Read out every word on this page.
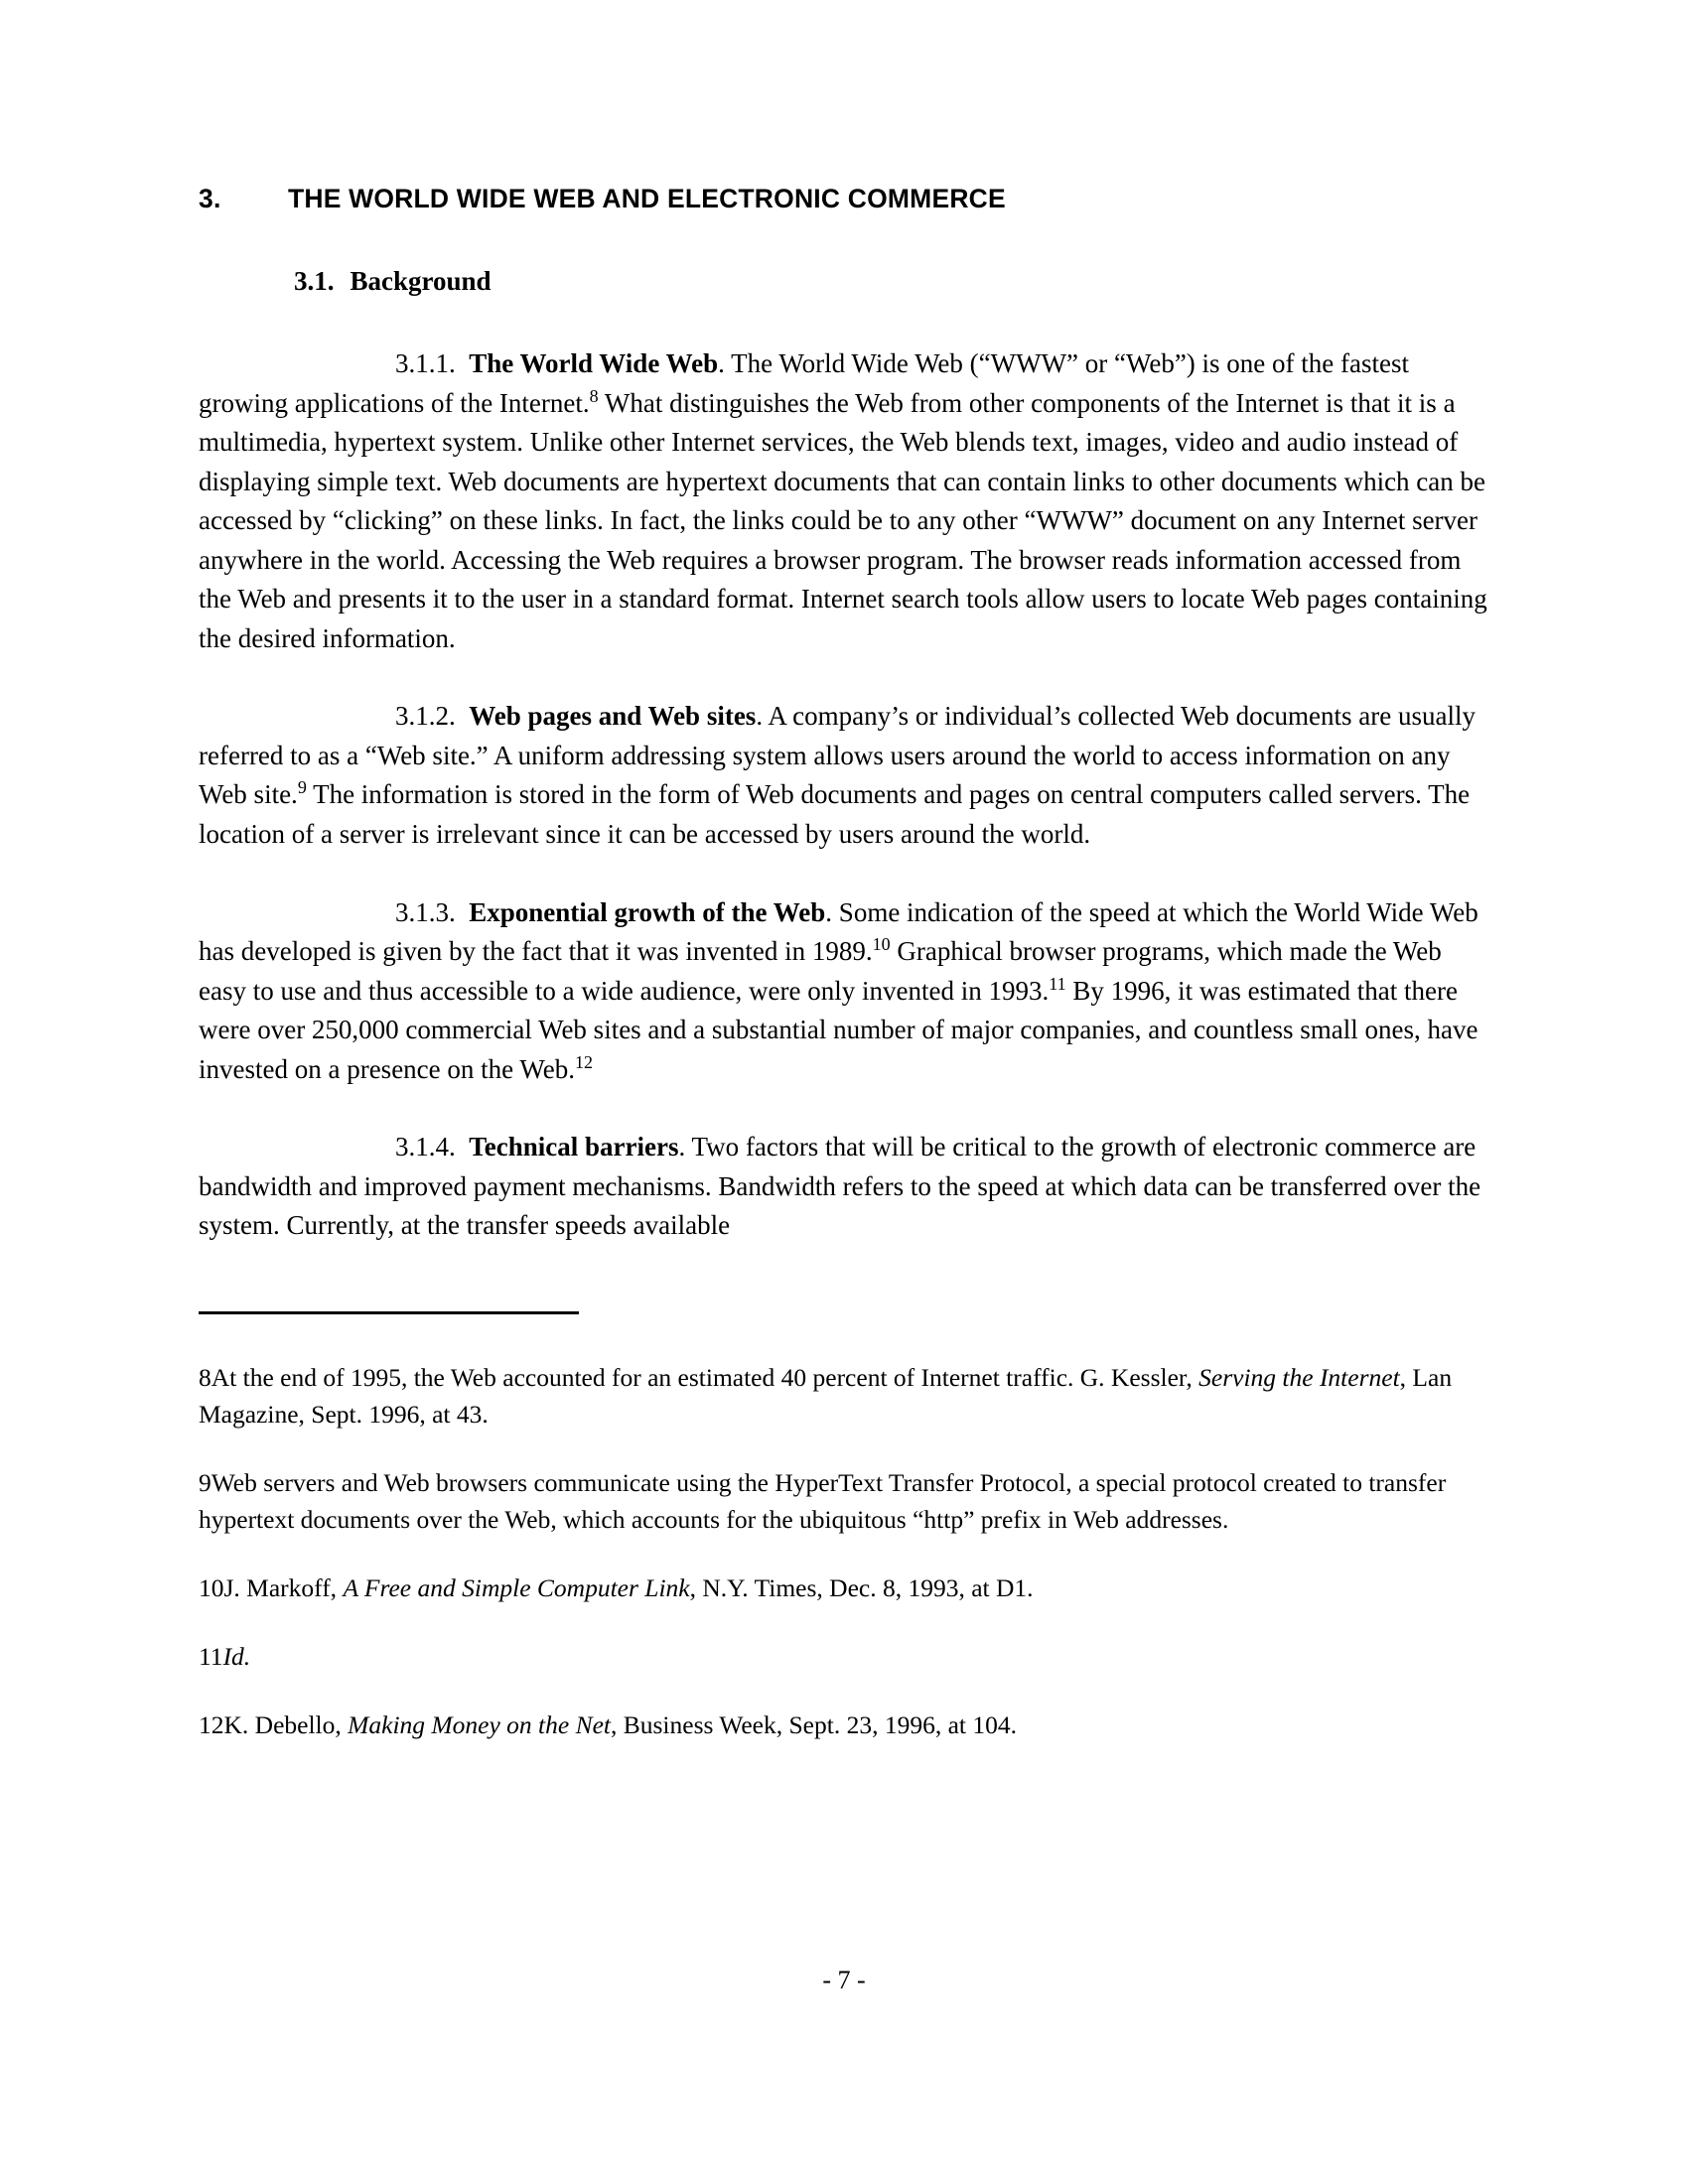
3.	THE WORLD WIDE WEB AND ELECTRONIC COMMERCE
3.1. Background

3.1.1. The World Wide Web. The World Wide Web (“WWW” or “Web”) is one of the fastest growing applications of the Internet.$^8$ What distinguishes the Web from other components of the Internet is that it is a multimedia, hypertext system. Unlike other Internet services, the Web blends text, images, video and audio instead of displaying simple text. Web documents are hypertext documents that can contain links to other documents which can be accessed by “clicking” on these links. In fact, the links could be to any other “WWW” document on any Internet server anywhere in the world. Accessing the Web requires a browser program. The browser reads information accessed from the Web and presents it to the user in a standard format. Internet search tools allow users to locate Web pages containing the desired information.

3.1.2. Web pages and Web sites. A company’s or individual’s collected Web documents are usually referred to as a “Web site.” A uniform addressing system allows users around the world to access information on any Web site.$^9$ The information is stored in the form of Web documents and pages on central computers called servers. The location of a server is irrelevant since it can be accessed by users around the world.

3.1.3. Exponential growth of the Web. Some indication of the speed at which the World Wide Web has developed is given by the fact that it was invented in 1989.10 Graphical browser programs, which made the Web easy to use and thus accessible to a wide audience, were only invented in 1993.11 By 1996, it was estimated that there were over 250,000 commercial Web sites and a substantial number of major companies, and countless small ones, have invested on a presence on the Web.$^{12}$

3.1.4. Technical barriers. Two factors that will be critical to the growth of electronic commerce are bandwidth and improved payment mechanisms. Bandwidth refers to the speed at which data can be transferred over the system. Currently, at the transfer speeds available

8At the end of 1995, the Web accounted for an estimated 40 percent of Internet traffic. G. Kessler, Serving the Internet, Lan Magazine, Sept. 1996, at 43.

9Web servers and Web browsers communicate using the HyperText Transfer Protocol, a special protocol created to transfer hypertext documents over the Web, which accounts for the ubiquitous “http” prefix in Web addresses.

10J. Markoff, A Free and Simple Computer Link, N.Y. Times, Dec. 8, 1993, at D1.

11Id.

12K. Debello, Making Money on the Net, Business Week, Sept. 23, 1996, at 104.

- 7 -
